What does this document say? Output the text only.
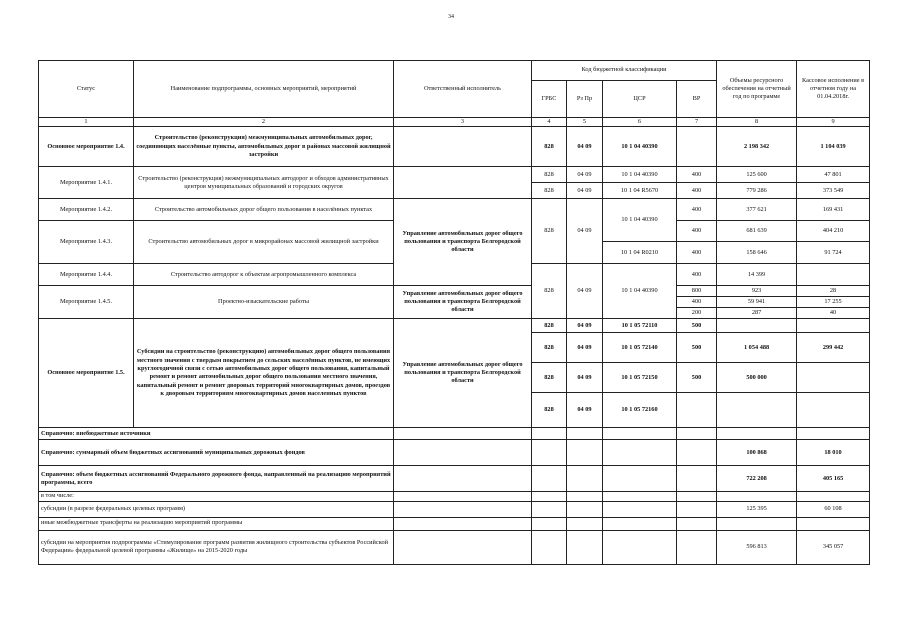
34
Статус	Наименование подпрограммы, основных мероприятий, мероприятий	Ответственный исполнитель	Код бюджетной классификации				Объемы ресурсного обеспечения на отчетный год по программе	Кассовое исполнение в отчетном году на 01.04.2018г.
			ГРБС	Рз Пр	ЦСР	ВР		
1	2	3	4	5	6	7	8	9
Основное мероприятие 1.4.	Строительство (реконструкция) межмуниципальных автомобильных дорог, соединяющих населённые пункты, автомобильных дорог в районах массовой жилищной застройки		828	04 09	10 1 04 40390		2 198 342	1 104 039
Мероприятие 1.4.1.	Строительство (реконструкция) межмуниципальных автодорог и обходов административных центров муниципальных образований и городских округов		828	04 09	10 1 04 40390	400	125 600	47 801
			828	04 09	10 1 04 R5670	400	779 286	373 549
Мероприятие 1.4.2.	Строительство автомобильных дорог общего пользования в населённых пунктах	Управление автомобильных дорог общего пользования и транспорта Белгородской области	828	04 09	10 1 04 40390	400	377 621	169 431
Мероприятие 1.4.3.	Строительство автомобильных дорог в микрорайонах массовой жилищной застройки					400	681 639	404 210
					10 1 04 R0210	400	158 646	91 724
Мероприятие 1.4.4.	Строительство автодорог к объектам агропромышленного комплекса		828	04 09	10 1 04 40390	400	14 399	
Мероприятие 1.4.5.	Проектно-изыскательские работы	Управление автомобильных дорог общего пользования и транспорта Белгородской области				800	923	28
						400	59 941	17 255
						200	287	40
Основное мероприятие 1.5.	Субсидии на строительство (реконструкцию) автомобильных дорог общего пользования местного значения с твердым покрытием до сельских населённых пунктов, не имеющих круглогодичной связи с сетью автомобильных дорог общего пользования, капитальный ремонт и ремонт автомобильных дорог общего пользования местного значения, капитальный ремонт и ремонт дворовых территорий многоквартирных домов, проездов к дворовым территориям многоквартирных домов населенных пунктов	Управление автомобильных дорог общего пользования и транспорта Белгородской области	828	04 09	10 1 05 72110	500		
			828	04 09	10 1 05 72140	500	1 054 488	299 442
			828	04 09	10 1 05 72150	500	500 000	
			828	04 09	10 1 05 72160			
Справочно: внебюджетные источники								
Справочно: суммарный объем бюджетных ассигнований муниципальных дорожных фондов							100 868	18 010
Справочно: объем бюджетных ассигнований Федерального дорожного фонда, направленный на реализацию мероприятий программы, всего							722 208	405 165
в том числе:								
субсидии (в разрезе федеральных целевых программ)							125 395	60 108
иные межбюджетные трансферты на реализацию мероприятий программы								
субсидии на мероприятия подпрограммы «Стимулирование программ развития жилищного строительства субъектов Российской Федерации» федеральной целевой программы «Жилище» на 2015-2020 годы							596 813	345 057
